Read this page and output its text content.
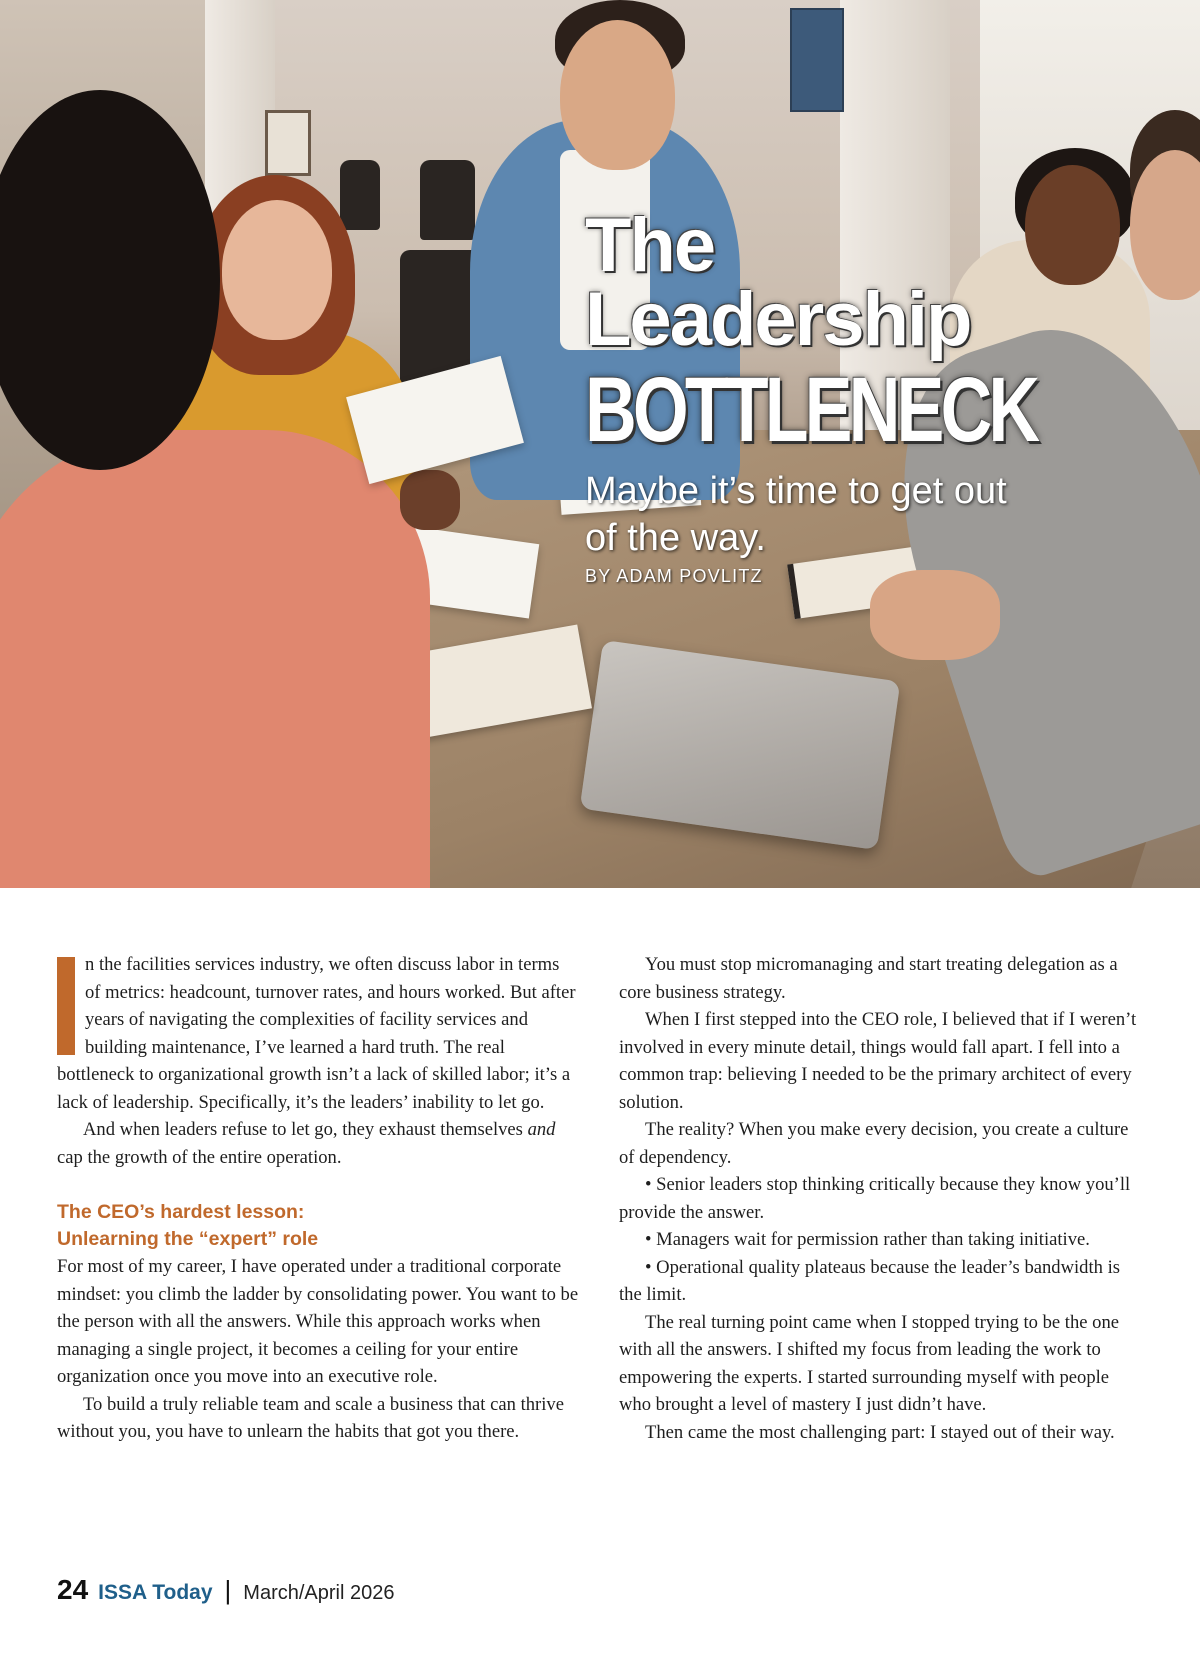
The
Leadership
BOTTLENECK
Maybe it’s time to get out of the way.
BY ADAM POVLITZ

n the facilities services industry, we often discuss labor in terms of metrics: headcount, turnover rates, and hours worked. But after years of navigating the complexities of facility services and building maintenance, I’ve learned a hard truth. The real bottleneck to organizational growth isn’t a lack of skilled labor; it’s a lack of leadership. Specifically, it’s the leaders’ inability to let go.

And when leaders refuse to let go, they exhaust themselves and cap the growth of the entire operation.

The CEO’s hardest lesson:
Unlearning the “expert” role

For most of my career, I have operated under a traditional corporate mindset: you climb the ladder by consolidating power. You want to be the person with all the answers. While this approach works when managing a single project, it becomes a ceiling for your entire organization once you move into an executive role.

To build a truly reliable team and scale a business that can thrive without you, you have to unlearn the habits that got you there.

You must stop micromanaging and start treating delegation as a core business strategy.

When I first stepped into the CEO role, I believed that if I weren’t involved in every minute detail, things would fall apart. I fell into a common trap: believing I needed to be the primary architect of every solution.

The reality? When you make every decision, you create a culture of dependency.

• Senior leaders stop thinking critically because they know you’ll provide the answer.

• Managers wait for permission rather than taking initiative.

• Operational quality plateaus because the leader’s bandwidth is the limit.

The real turning point came when I stopped trying to be the one with all the answers. I shifted my focus from leading the work to empowering the experts. I started surrounding myself with people who brought a level of mastery I just didn’t have.

Then came the most challenging part: I stayed out of their way.

24 ISSA Today | March/April 2026
